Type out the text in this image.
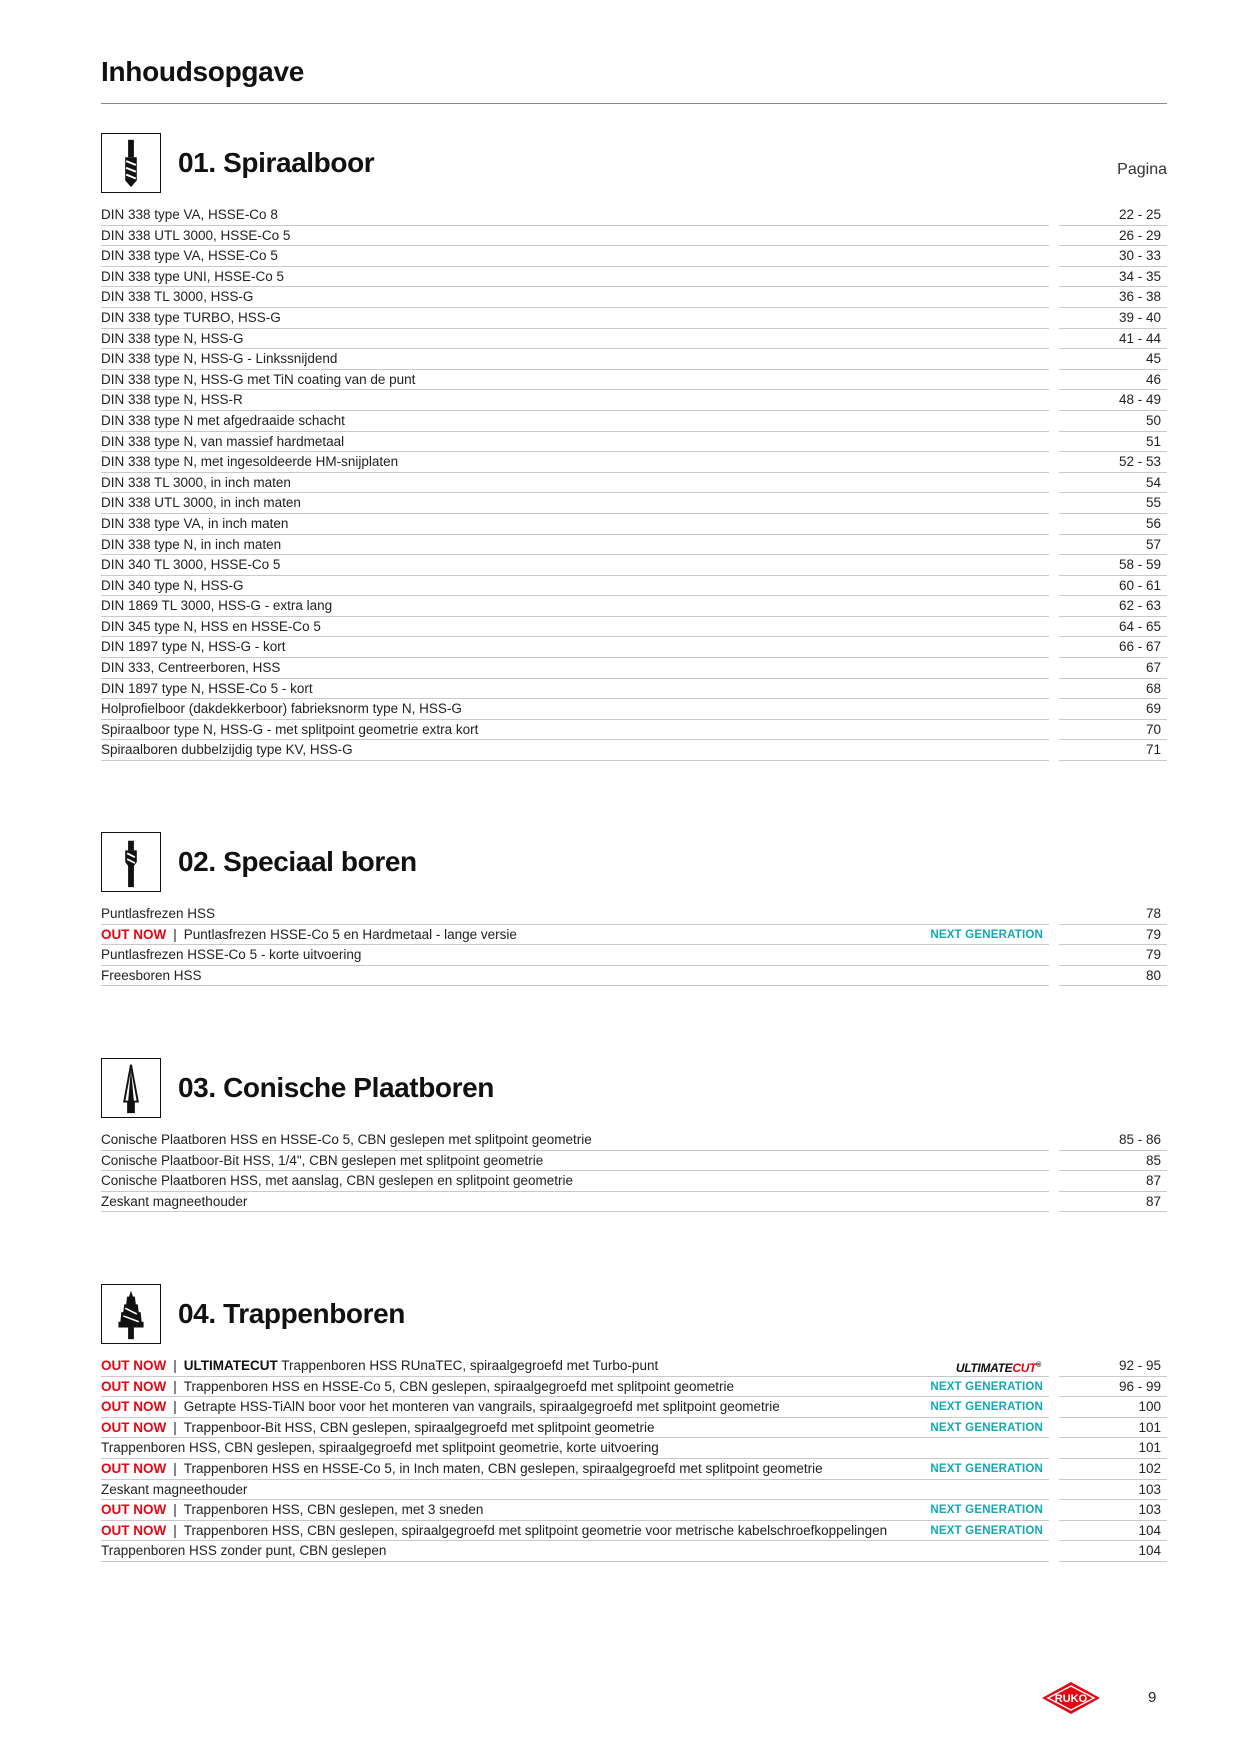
Inhoudsopgave
01. Spiraalboor	Pagina
DIN 338 type VA, HSSE-Co 8	22 - 25
DIN 338 UTL 3000, HSSE-Co 5	26 - 29
DIN 338 type VA, HSSE-Co 5	30 - 33
DIN 338 type UNI, HSSE-Co 5	34 - 35
DIN 338 TL 3000, HSS-G	36 - 38
DIN 338 type TURBO, HSS-G	39 - 40
DIN 338 type N, HSS-G	41 - 44
DIN 338 type N, HSS-G - Linkssnijdend	45
DIN 338 type N, HSS-G met TiN coating van de punt	46
DIN 338 type N, HSS-R	48 - 49
DIN 338 type N met afgedraaide schacht	50
DIN 338 type N, van massief hardmetaal	51
DIN 338 type N, met ingesoldeerde HM-snijplaten	52 - 53
DIN 338 TL 3000, in inch maten	54
DIN 338 UTL 3000, in inch maten	55
DIN 338 type VA, in inch maten	56
DIN 338 type N, in inch maten	57
DIN 340 TL 3000, HSSE-Co 5	58 - 59
DIN 340 type N, HSS-G	60 - 61
DIN 1869 TL 3000, HSS-G - extra lang	62 - 63
DIN 345 type N, HSS en HSSE-Co 5	64 - 65
DIN 1897 type N, HSS-G - kort	66 - 67
DIN 333, Centreerboren, HSS	67
DIN 1897 type N, HSSE-Co 5 - kort	68
Holprofielboor (dakdekkerboor) fabrieksnorm type N, HSS-G	69
Spiraalboor type N, HSS-G - met splitpoint geometrie extra kort	70
Spiraalboren dubbelzijdig type KV, HSS-G	71
02. Speciaal boren
Puntlasfrezen HSS	78
OUT NOW | Puntlasfrezen HSSE-Co 5 en Hardmetaal - lange versie	NEXT GENERATION	79
Puntlasfrezen HSSE-Co 5 - korte uitvoering	79
Freesboren HSS	80
03. Conische Plaatboren
Conische Plaatboren HSS en HSSE-Co 5, CBN geslepen met splitpoint geometrie	85 - 86
Conische Plaatboor-Bit HSS, 1/4", CBN geslepen met splitpoint geometrie	85
Conische Plaatboren HSS, met aanslag, CBN geslepen en splitpoint geometrie	87
Zeskant magneethouder	87
04. Trappenboren
OUT NOW | ULTIMATECUT Trappenboren HSS RUnaTEC, spiraalgegroefd met Turbo-punt	ULTIMATECUT®	92 - 95
OUT NOW | Trappenboren HSS en HSSE-Co 5, CBN geslepen, spiraalgegroefd met splitpoint geometrie	NEXT GENERATION	96 - 99
OUT NOW | Getrapte HSS-TiAlN boor voor het monteren van vangrails, spiraalgegroefd met splitpoint geometrie	NEXT GENERATION	100
OUT NOW | Trappenboor-Bit HSS, CBN geslepen, spiraalgegroefd met splitpoint geometrie	NEXT GENERATION	101
Trappenboren HSS, CBN geslepen, spiraalgegroefd met splitpoint geometrie, korte uitvoering	101
OUT NOW | Trappenboren HSS en HSSE-Co 5, in Inch maten, CBN geslepen, spiraalgegroefd met splitpoint geometrie	NEXT GENERATION	102
Zeskant magneethouder	103
OUT NOW | Trappenboren HSS, CBN geslepen, met 3 sneden	NEXT GENERATION	103
OUT NOW | Trappenboren HSS, CBN geslepen, spiraalgegroefd met splitpoint geometrie voor metrische kabelschroefkoppelingen	NEXT GENERATION	104
Trappenboren HSS zonder punt, CBN geslepen	104
RUKO	9
